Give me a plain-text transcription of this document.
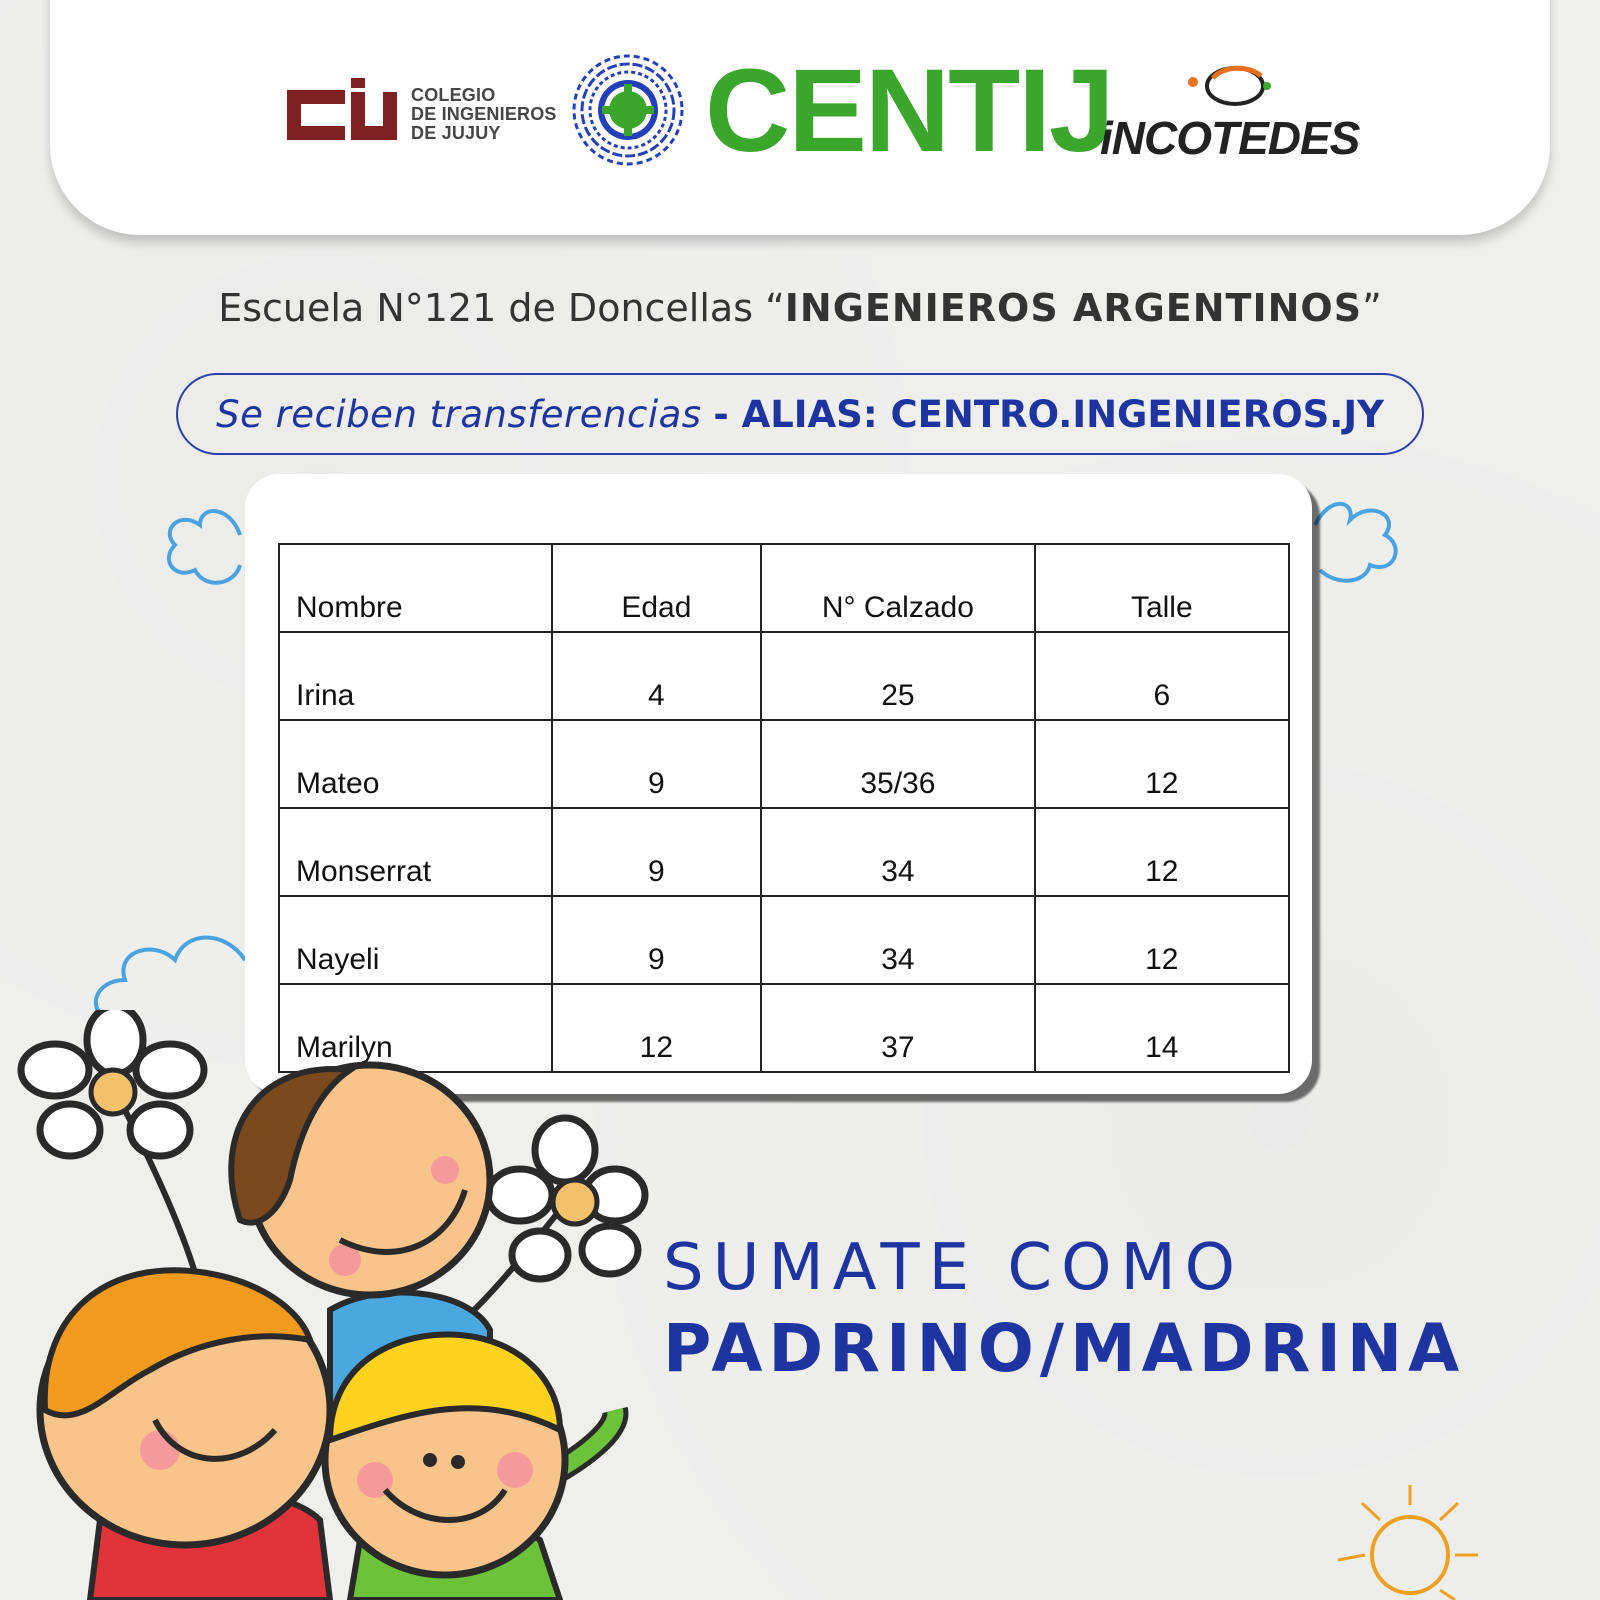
COLEGIO
DE INGENIEROS
DE JUJUY	CENTIJ
iNCOTEDES
Escuela N°121 de Doncellas “INGENIEROS ARGENTINOS”
Se reciben transferencias - ALIAS: CENTRO.INGENIEROS.JY
Nombre	Edad	N° Calzado	Talle
Irina	4	25	6
Mateo	9	35/36	12
Monserrat	9	34	12
Nayeli	9	34	12
Marilyn	12	37	14
SUMATE COMO
PADRINO/MADRINA
